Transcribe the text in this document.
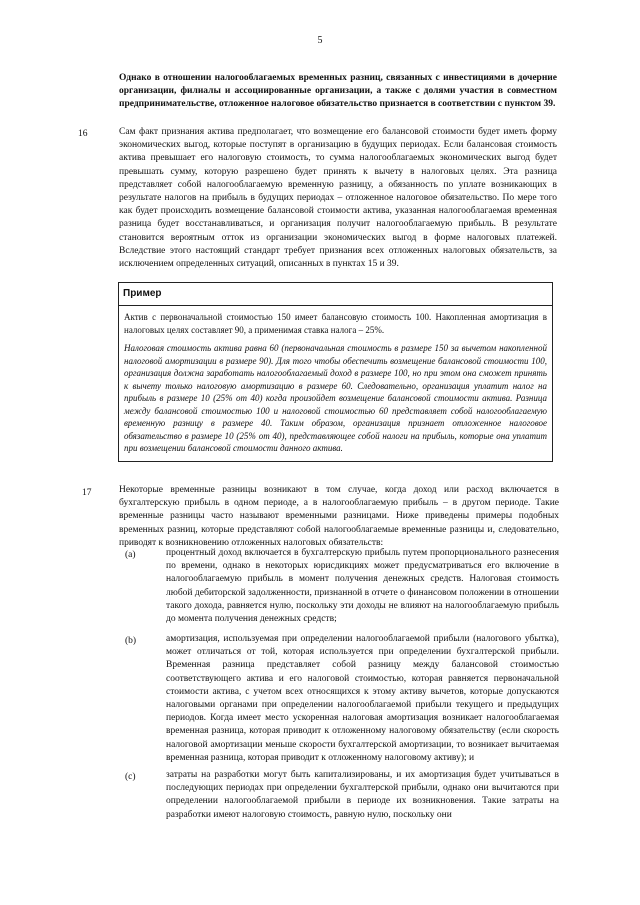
5
Однако в отношении налогооблагаемых временных разниц, связанных с инвестициями в дочерние организации, филиалы и ассоциированные организации, а также с долями участия в совместном предпринимательстве, отложенное налоговое обязательство признается в соответствии с пунктом 39.
16	Сам факт признания актива предполагает, что возмещение его балансовой стоимости будет иметь форму экономических выгод, которые поступят в организацию в будущих периодах. Если балансовая стоимость актива превышает его налоговую стоимость, то сумма налогооблагаемых экономических выгод будет превышать сумму, которую разрешено будет принять к вычету в налоговых целях. Эта разница представляет собой налогооблагаемую временную разницу, а обязанность по уплате возникающих в результате налогов на прибыль в будущих периодах – отложенное налоговое обязательство. По мере того как будет происходить возмещение балансовой стоимости актива, указанная налогооблагаемая временная разница будет восстанавливаться, и организация получит налогооблагаемую прибыль. В результате становится вероятным отток из организации экономических выгод в форме налоговых платежей. Вследствие этого настоящий стандарт требует признания всех отложенных налоговых обязательств, за исключением определенных ситуаций, описанных в пунктах 15 и 39.
Пример
Актив с первоначальной стоимостью 150 имеет балансовую стоимость 100. Накопленная амортизация в налоговых целях составляет 90, а применимая ставка налога – 25%.
Налоговая стоимость актива равна 60 (первоначальная стоимость в размере 150 за вычетом накопленной налоговой амортизации в размере 90). Для того чтобы обеспечить возмещение балансовой стоимости 100, организация должна заработать налогооблагаемый доход в размере 100, но при этом она сможет принять к вычету только налоговую амортизацию в размере 60. Следовательно, организация уплатит налог на прибыль в размере 10 (25% от 40) когда произойдет возмещение балансовой стоимости актива. Разница между балансовой стоимостью 100 и налоговой стоимостью 60 представляет собой налогооблагаемую временную разницу в размере 40. Таким образом, организация признает отложенное налоговое обязательство в размере 10 (25% от 40), представляющее собой налоги на прибыль, которые она уплатит при возмещении балансовой стоимости данного актива.
17	Некоторые временные разницы возникают в том случае, когда доход или расход включается в бухгалтерскую прибыль в одном периоде, а в налогооблагаемую прибыль – в другом периоде. Такие временные разницы часто называют временными разницами. Ниже приведены примеры подобных временных разниц, которые представляют собой налогооблагаемые временные разницы и, следовательно, приводят к возникновению отложенных налоговых обязательств:
(a)	процентный доход включается в бухгалтерскую прибыль путем пропорционального разнесения по времени, однако в некоторых юрисдикциях может предусматриваться его включение в налогооблагаемую прибыль в момент получения денежных средств. Налоговая стоимость любой дебиторской задолженности, признанной в отчете о финансовом положении в отношении такого дохода, равняется нулю, поскольку эти доходы не влияют на налогооблагаемую прибыль до момента получения денежных средств;
(b)	амортизация, используемая при определении налогооблагаемой прибыли (налогового убытка), может отличаться от той, которая используется при определении бухгалтерской прибыли. Временная разница представляет собой разницу между балансовой стоимостью соответствующего актива и его налоговой стоимостью, которая равняется первоначальной стоимости актива, с учетом всех относящихся к этому активу вычетов, которые допускаются налоговыми органами при определении налогооблагаемой прибыли текущего и предыдущих периодов. Когда имеет место ускоренная налоговая амортизация возникает налогооблагаемая временная разница, которая приводит к отложенному налоговому обязательству (если скорость налоговой амортизации меньше скорости бухгалтерской амортизации, то возникает вычитаемая временная разница, которая приводит к отложенному налоговому активу); и
(c)	затраты на разработки могут быть капитализированы, и их амортизация будет учитываться в последующих периодах при определении бухгалтерской прибыли, однако они вычитаются при определении налогооблагаемой прибыли в периоде их возникновения. Такие затраты на разработки имеют налоговую стоимость, равную нулю, поскольку они
